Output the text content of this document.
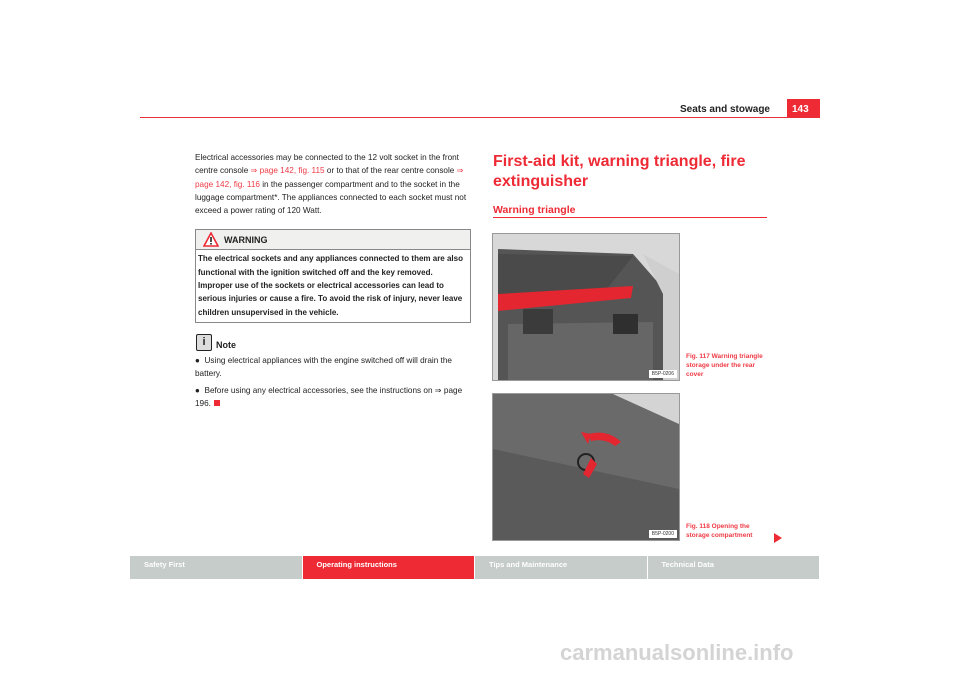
Seats and stowage	143
Electrical accessories may be connected to the 12 volt socket in the front centre console ⇒ page 142, fig. 115 or to that of the rear centre console ⇒ page 142, fig. 116 in the passenger compartment and to the socket in the luggage compartment*. The appliances connected to each socket must not exceed a power rating of 120 Watt.
WARNING
The electrical sockets and any appliances connected to them are also functional with the ignition switched off and the key removed. Improper use of the sockets or electrical accessories can lead to serious injuries or cause a fire. To avoid the risk of injury, never leave children unsupervised in the vehicle.
i	Note
●  Using electrical appliances with the engine switched off will drain the battery.
●  Before using any electrical accessories, see the instructions on ⇒ page 196.
First-aid kit, warning triangle, fire extinguisher
Warning triangle
B5P-0206
B5P-0200
Fig. 117 Warning triangle storage under the rear cover
Fig. 118 Opening the storage compartment
Safety First	Operating instructions	Tips and Maintenance	Technical Data
carmanualsonline.info
